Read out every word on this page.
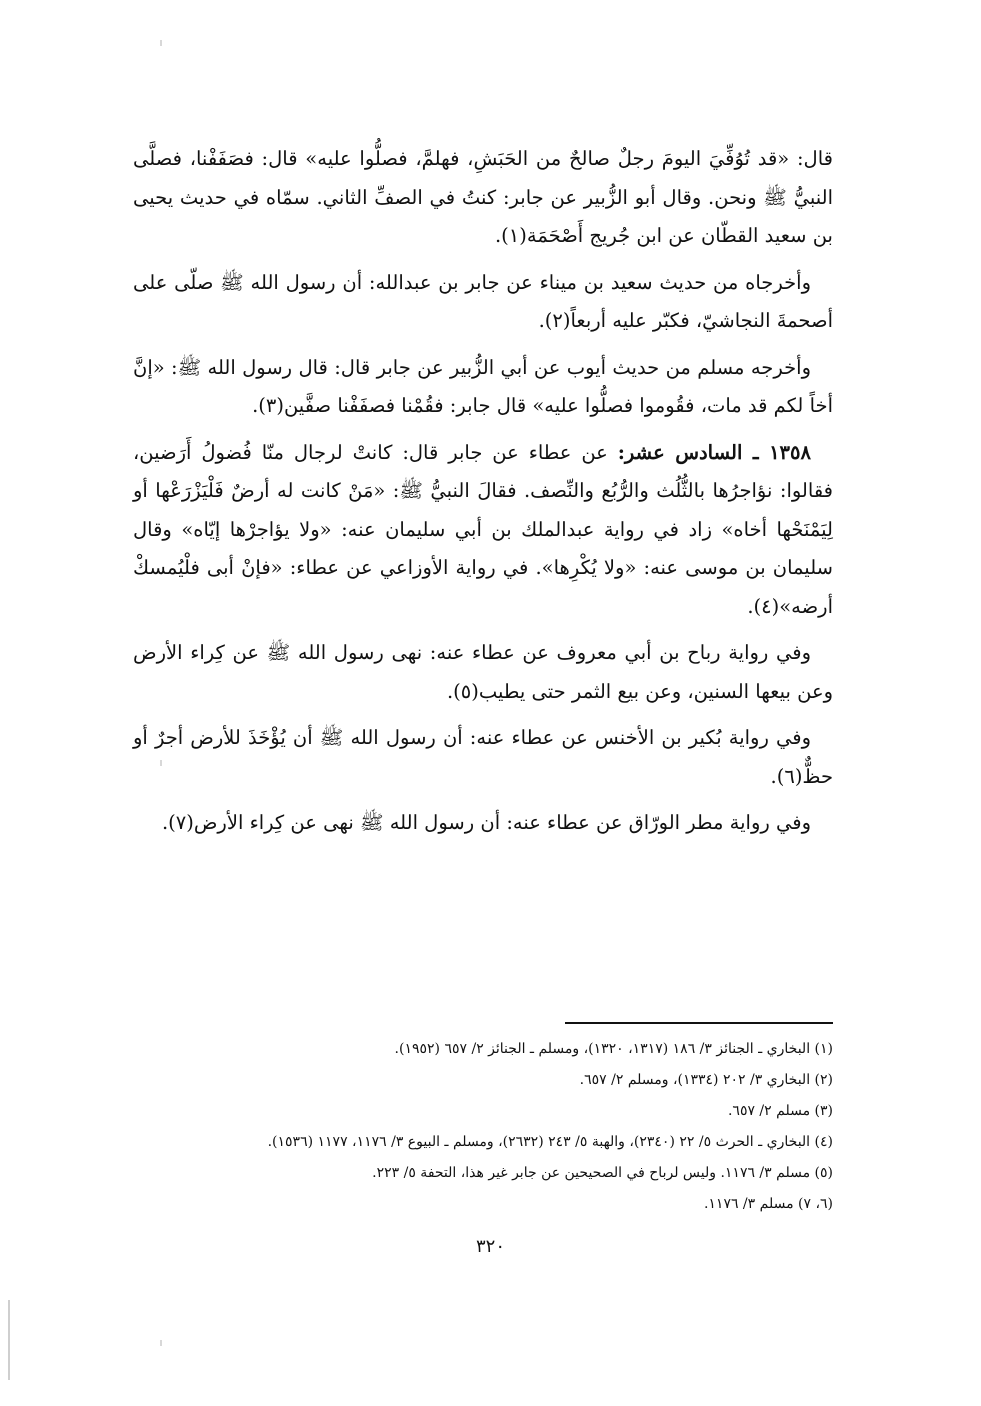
قال: «قد تُوُفِّيَ اليومَ رجلٌ صالحٌ من الحَبَشِ، فهلمَّ، فصلُّوا عليه» قال: فصَفَفْنا، فصلَّى النبيُّ ﷺ ونحن. وقال أبو الزُّبير عن جابر: كنتُ في الصفِّ الثاني. سمّاه في حديث يحيى بن سعيد القطّان عن ابن جُريج أَصْحَمَة(١).

وأخرجاه من حديث سعيد بن ميناء عن جابر بن عبدالله: أن رسول الله ﷺ صلّى على أصحمةَ النجاشيّ، فكبّر عليه أربعاً(٢).

وأخرجه مسلم من حديث أيوب عن أبي الزُّبير عن جابر قال: قال رسول الله ﷺ: «إنَّ أخاً لكم قد مات، فقُوموا فصلُّوا عليه» قال جابر: فقُمْنا فصفَفْنا صفَّين(٣).

١٣٥٨ ـ السادس عشر: عن عطاء عن جابر قال: كانتْ لرجال منّا فُضولُ أَرَضين، فقالوا: نؤاجرُها بالثُّلُث والرُّبُع والنِّصف. فقالَ النبيُّ ﷺ: «مَنْ كانت له أرضٌ فَلْيَزْرَعْها أو لِيَمْنَحْها أخاه» زاد في رواية عبدالملك بن أبي سليمان عنه: «ولا يؤاجرْها إيّاه» وقال سليمان بن موسى عنه: «ولا يُكْرِها». في رواية الأوزاعي عن عطاء: «فإنْ أبى فلْيُمسكْ أرضه»(٤).

وفي رواية رباح بن أبي معروف عن عطاء عنه: نهى رسول الله ﷺ عن كِراء الأرض وعن بيعها السنين، وعن بيع الثمر حتى يطيب(٥).

وفي رواية بُكير بن الأخنس عن عطاء عنه: أن رسول الله ﷺ أن يُؤْخَذَ للأرض أجرٌ أو حظٌّ(٦).

وفي رواية مطر الورّاق عن عطاء عنه: أن رسول الله ﷺ نهى عن كِراء الأرض(٧).

(١) البخاري ـ الجنائز ٣/ ١٨٦ (١٣١٧، ١٣٢٠)، ومسلم ـ الجنائز ٢/ ٦٥٧ (١٩٥٢).

(٢) البخاري ٣/ ٢٠٢ (١٣٣٤)، ومسلم ٢/ ٦٥٧.

(٣) مسلم ٢/ ٦٥٧.

(٤) البخاري ـ الحرث ٥/ ٢٢ (٢٣٤٠)، والهبة ٥/ ٢٤٣ (٢٦٣٢)، ومسلم ـ البيوع ٣/ ١١٧٦، ١١٧٧ (١٥٣٦).

(٥) مسلم ٣/ ١١٧٦. وليس لرباح في الصحيحين عن جابر غير هذا، التحفة ٥/ ٢٢٣.

(٦، ٧) مسلم ٣/ ١١٧٦.

٣٢٠
